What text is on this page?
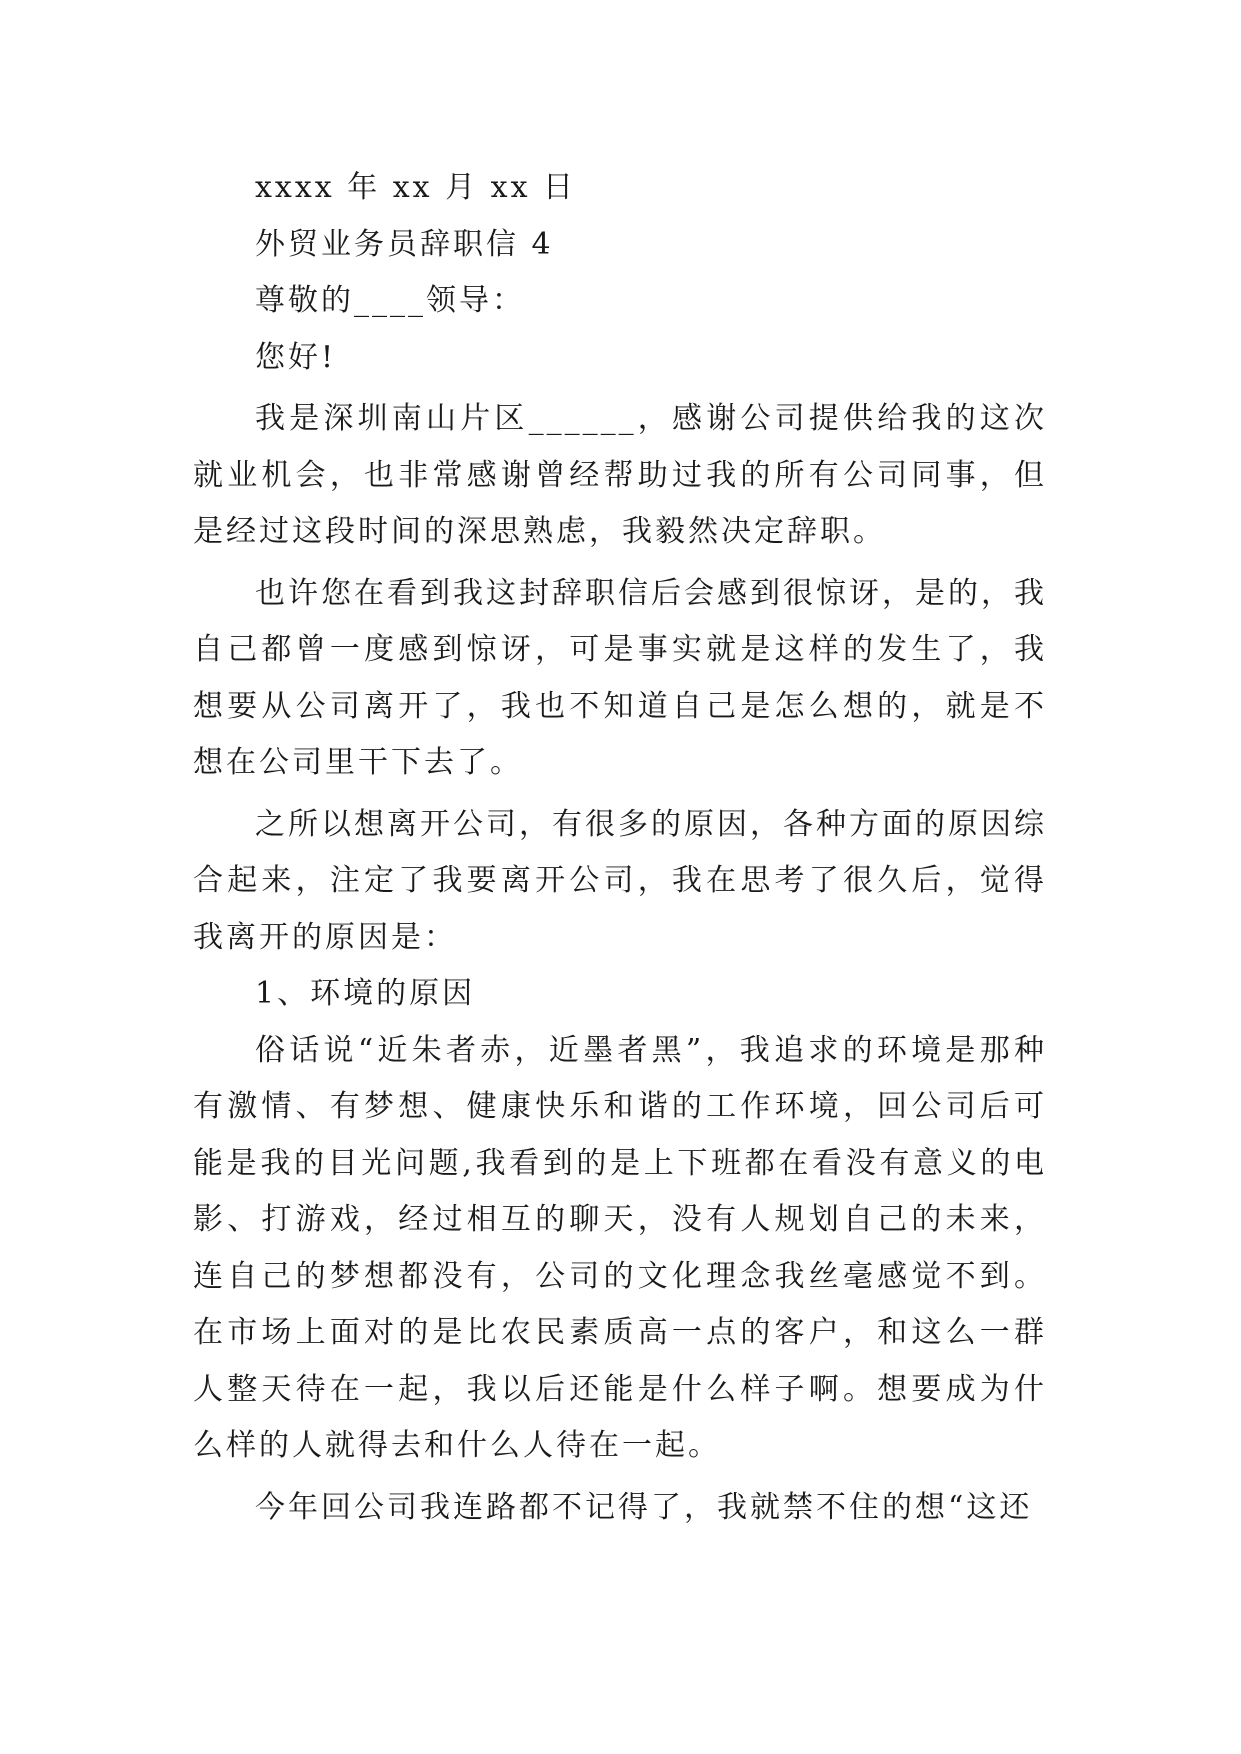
xxxx 年 xx 月 xx 日

外贸业务员辞职信 4

尊敬的____领导：

您好!

我是深圳南山片区______，感谢公司提供给我的这次就业机会，也非常感谢曾经帮助过我的所有公司同事，但是经过这段时间的深思熟虑，我毅然决定辞职。

也许您在看到我这封辞职信后会感到很惊讶，是的，我自己都曾一度感到惊讶，可是事实就是这样的发生了，我想要从公司离开了，我也不知道自己是怎么想的，就是不想在公司里干下去了。

之所以想离开公司，有很多的原因，各种方面的原因综合起来，注定了我要离开公司，我在思考了很久后，觉得我离开的原因是：

1、环境的原因

俗话说“近朱者赤，近墨者黑”，我追求的环境是那种有激情、有梦想、健康快乐和谐的工作环境，回公司后可能是我的目光问题,我看到的是上下班都在看没有意义的电影、打游戏，经过相互的聊天，没有人规划自己的未来，连自己的梦想都没有，公司的文化理念我丝毫感觉不到。在市场上面对的是比农民素质高一点的客户，和这么一群人整天待在一起，我以后还能是什么样子啊。想要成为什么样的人就得去和什么人待在一起。

今年回公司我连路都不记得了，我就禁不住的想“这还
